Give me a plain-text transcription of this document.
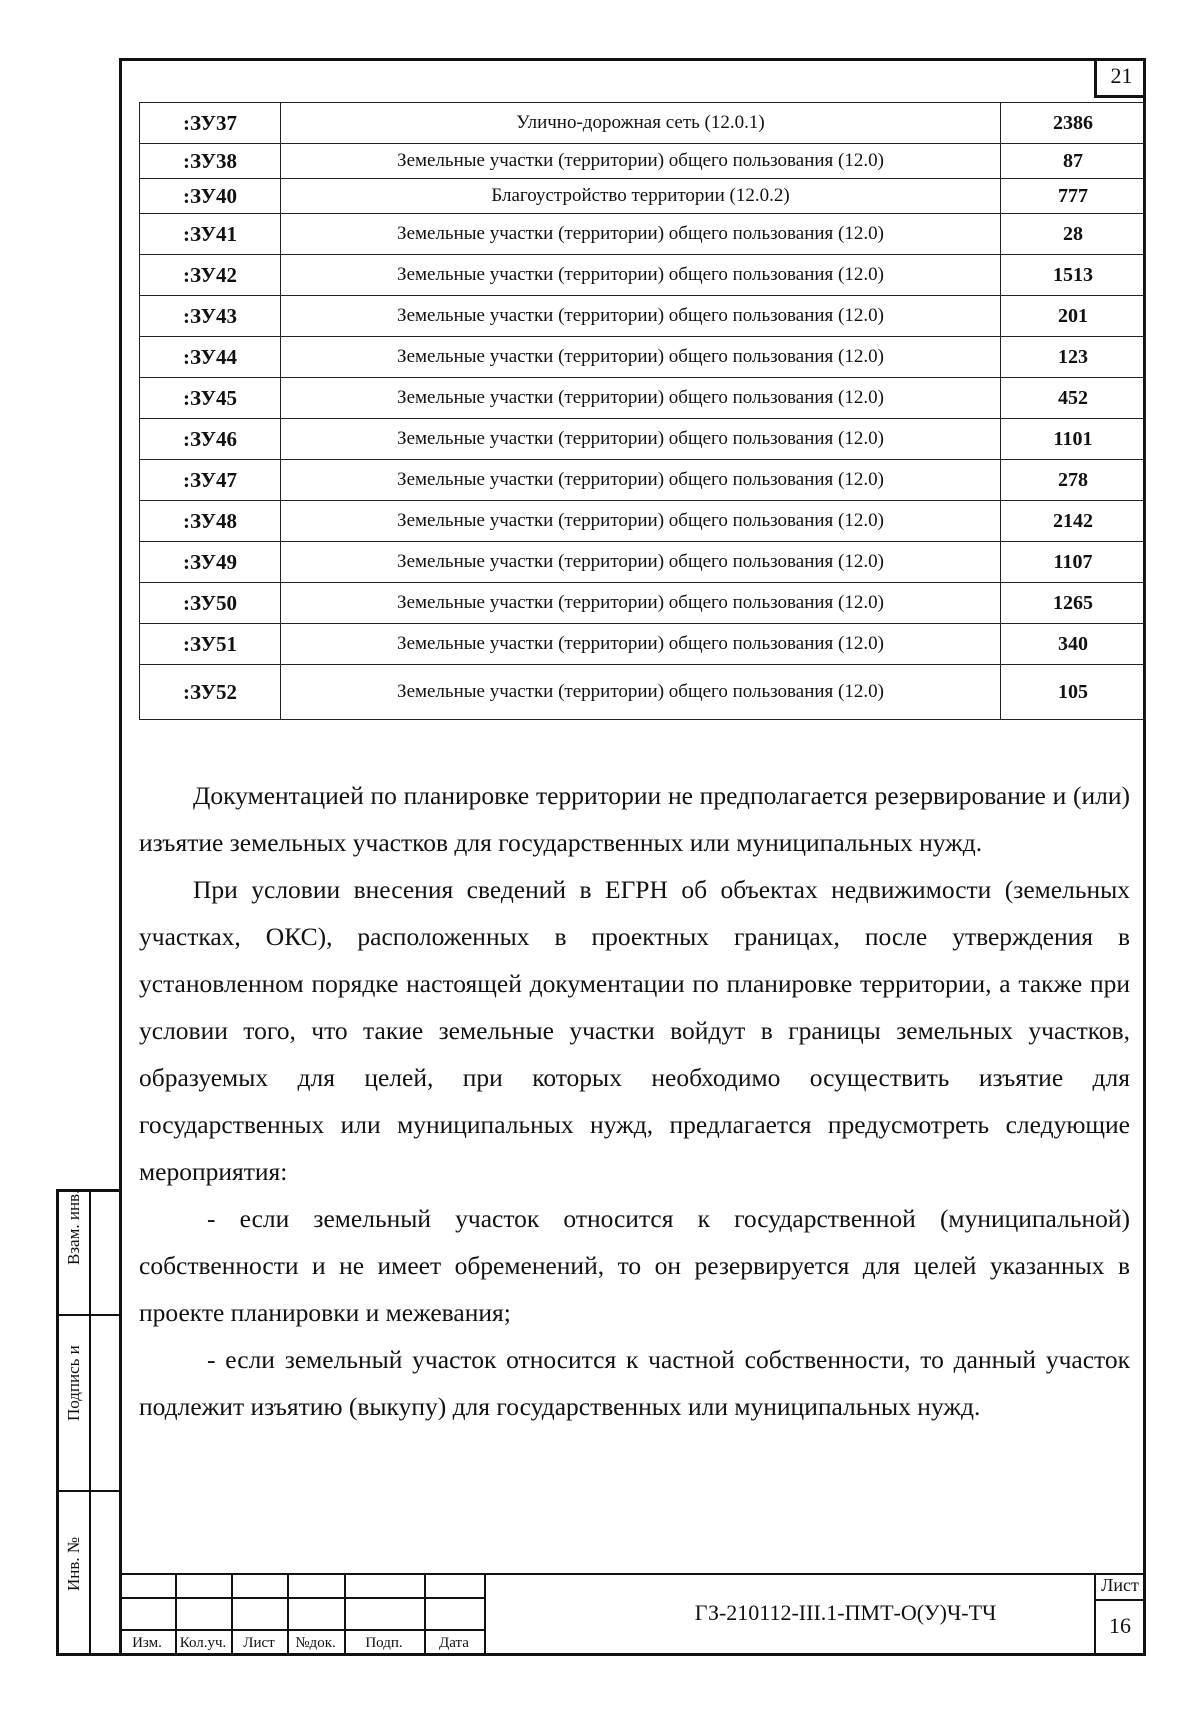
21
:ЗУ37	Улично-дорожная сеть (12.0.1)	2386
:ЗУ38	Земельные участки (территории) общего пользования (12.0)	87
:ЗУ40	Благоустройство территории (12.0.2)	777
:ЗУ41	Земельные участки (территории) общего пользования (12.0)	28
:ЗУ42	Земельные участки (территории) общего пользования (12.0)	1513
:ЗУ43	Земельные участки (территории) общего пользования (12.0)	201
:ЗУ44	Земельные участки (территории) общего пользования (12.0)	123
:ЗУ45	Земельные участки (территории) общего пользования (12.0)	452
:ЗУ46	Земельные участки (территории) общего пользования (12.0)	1101
:ЗУ47	Земельные участки (территории) общего пользования (12.0)	278
:ЗУ48	Земельные участки (территории) общего пользования (12.0)	2142
:ЗУ49	Земельные участки (территории) общего пользования (12.0)	1107
:ЗУ50	Земельные участки (территории) общего пользования (12.0)	1265
:ЗУ51	Земельные участки (территории) общего пользования (12.0)	340
:ЗУ52	Земельные участки (территории) общего пользования (12.0)	105

Документацией по планировке территории не предполагается резервирование и (или) изъятие земельных участков для государственных или муниципальных нужд.

При условии внесения сведений в ЕГРН об объектах недвижимости (земельных участках, ОКС), расположенных в проектных границах, после утверждения в установленном порядке настоящей документации по планировке территории, а также при условии того, что такие земельные участки войдут в границы земельных участков, образуемых для целей, при которых необходимо осуществить изъятие для государственных или муниципальных нужд, предлагается предусмотреть следующие мероприятия:

- если земельный участок относится к государственной (муниципальной) собственности и не имеет обременений, то он резервируется для целей указанных в проекте планировки и межевания;

- если земельный участок относится к частной собственности, то данный участок подлежит изъятию (выкупу) для государственных или муниципальных нужд.

Взам. инв.
Подпись и
Инв. №
Изм.	Кол.уч.	Лист	№док.	Подп.	Дата
ГЗ-210112-III.1-ПМТ-О(У)Ч-ТЧ
Лист
16
